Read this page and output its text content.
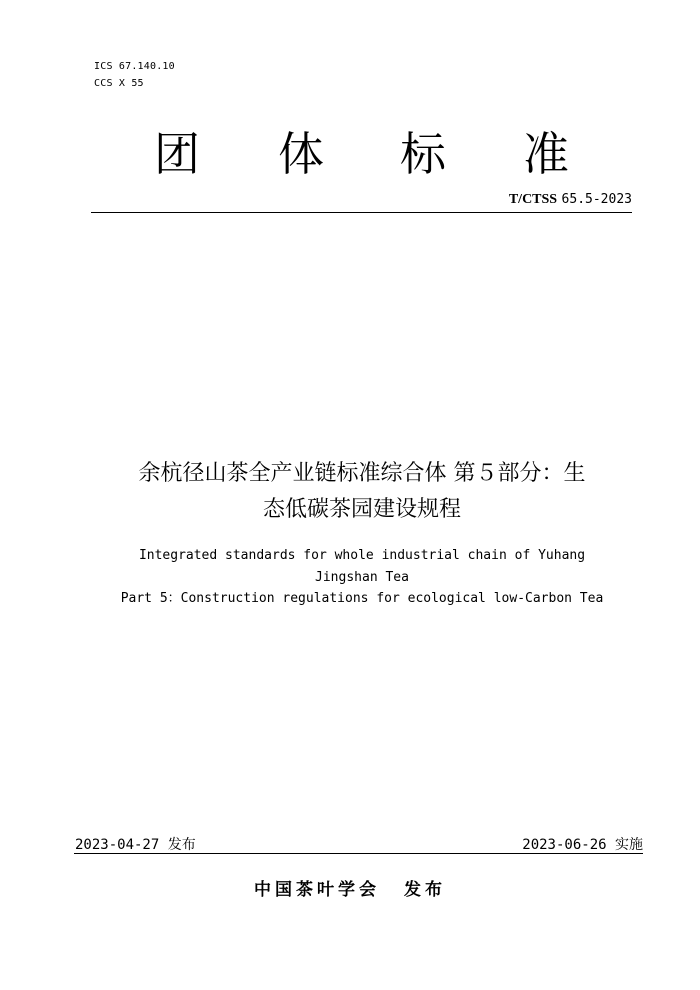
ICS 67.140.10
CCS X 55
团 体 标 准
T/CTSS 65.5-2023
余杭径山茶全产业链标准综合体 第５部分：生
态低碳茶园建设规程
Integrated standards for whole industrial chain of Yuhang
Jingshan Tea
Part 5：Construction regulations for ecological low-Carbon Tea
2023-04-27 发布	2023-06-26 实施
中国茶叶学会 发布
